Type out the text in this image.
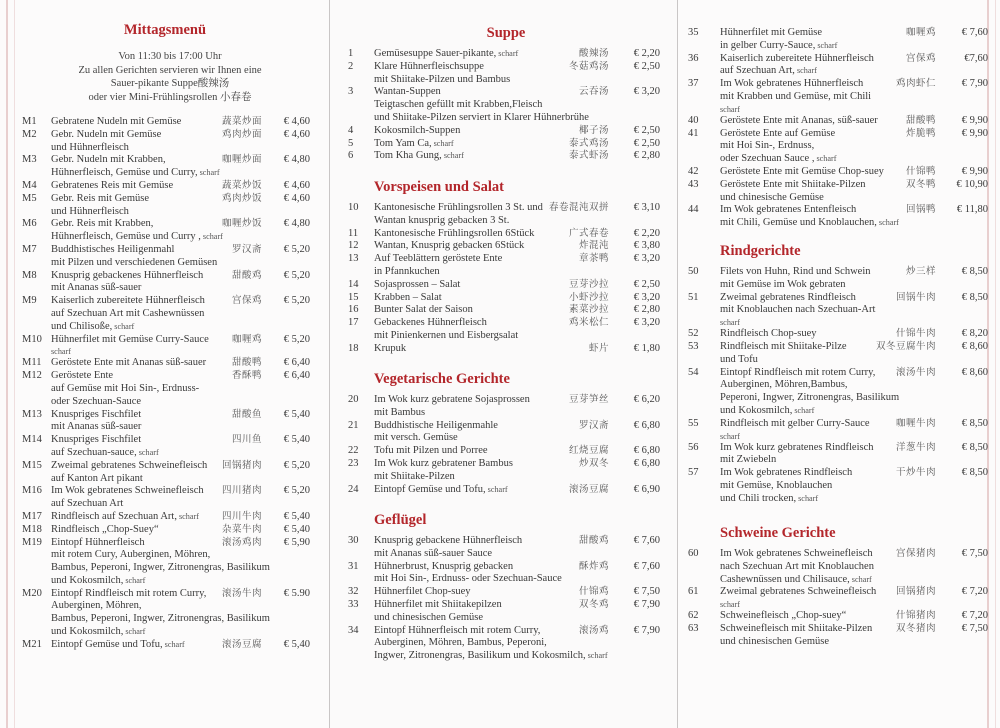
Mittagsmenü
Von 11:30 bis 17:00 Uhr
Zu allen Gerichten servieren wir Ihnen eine
Sauer-pikante Suppe酸辣汤
oder vier Mini-Frühlingsrollen 小春卷
M1	Gebratene Nudeln mit Gemüse	蔬菜炒面 € 4,60
M2	Gebr. Nudeln mit Gemüse
und Hühnerfleisch
鸡肉炒面 € 4,60
M3	Gebr. Nudeln mit Krabben,
Hühnerfleisch, Gemüse und Curry, scharf
咖喱炒面 € 4,80
M4	Gebratenes Reis mit Gemüse	蔬菜炒饭 € 4,60
M5	Gebr. Reis mit Gemüse
und Hühnerfleisch
鸡肉炒饭 € 4,60
M6	Gebr. Reis mit Krabben,
Hühnerfleisch, Gemüse und Curry , scharf
咖喱炒饭 € 4,80
M7	Buddhistisches Heiligenmahl
mit Pilzen und verschiedenen Gemüsen
罗汉斋 € 5,20
M8	Knusprig gebackenes Hühnerfleisch
mit Ananas süß-sauer
甜酸鸡 € 5,20
M9	Kaiserlich zubereitete Hühnerfleisch
auf Szechuan Art mit Cashewnüssen
und Chilisoße, scharf
宫保鸡 € 5,20
M10 Hühnerfilet mit Gemüse Curry-Sauce
scharf
咖喱鸡 € 5,20
M11 Geröstete Ente mit Ananas süß-sauer	甜酸鸭 € 6,40
M12 Geröstete Ente
auf Gemüse mit Hoi Sin-, Erdnuss-
oder Szechuan-Sauce
香酥鸭 € 6,40
M13 Knuspriges Fischfilet
mit Ananas süß-sauer
甜酸鱼 € 5,40
M14 Knuspriges Fischfilet
auf Szechuan-sauce, scharf
四川鱼 € 5,40
M15 Zweimal gebratenes Schweinefleisch
auf Kanton Art pikant
回锅猪肉 € 5,20
M16 Im Wok gebratenes Schweinefleisch
auf Szechuan Art
四川猪肉 € 5,20
M17 Rindfleisch auf Szechuan Art, scharf	四川牛肉 € 5,40
M18 Rindfleisch „Chop-Suey“	杂菜牛肉 € 5,40
M19 Eintopf Hühnerfleisch
mit rotem Cury, Auberginen, Möhren,
Bambus, Peperoni, Ingwer, Zitronengras, Basilikum
und Kokosmilch, scharf
滚汤鸡肉 € 5,90
M20 Eintopf Rindfleisch mit rotem Curry,
Auberginen, Möhren,
Bambus, Peperoni, Ingwer, Zitronengras, Basilikum
und Kokosmilch, scharf
滚汤牛肉 € 5.90
M21 Eintopf Gemüse und Tofu, scharf	滚汤豆腐 € 5,40
Suppe
1	Gemüsesuppe Sauer-pikante, scharf	酸辣汤 € 2,20
2	Klare Hühnerfleischsuppe
mit Shiitake-Pilzen und Bambus
冬菇鸡汤 € 2,50
3	Wantan-Suppen
Teigtaschen gefüllt mit Krabben,Fleisch
und Shiitake-Pilzen serviert in Klarer Hühnerbrühe
云吞汤 € 3,20
4	Kokosmilch-Suppen	椰子汤 € 2,50
5	Tom Yam Ca, scharf	泰式鸡汤 € 2,50
6	Tom Kha Gung, scharf	泰式虾汤 € 2,80
Vorspeisen und Salat
10	Kantonesische Frühlingsrollen 3 St. und
Wantan knusprig gebacken 3 St.
春卷混沌双拼 € 3,10
11	Kantonesische Frühlingsrollen 6Stück	广式春卷 € 2,20
12	Wantan, Knusprig gebacken 6Stück	炸混沌 € 3,80
13	Auf Teeblättern geröstete Ente
in Pfannkuchen
章茶鸭 € 3,20
14	Sojasprossen – Salat	豆芽沙拉 € 2,50
15	Krabben – Salat	小虾沙拉 € 3,20
16	Bunter Salat der Saison	素菜沙拉 € 2,80
17	Gebackenes Hühnerfleisch
mit Pinienkernen und Eisbergsalat
鸡米松仁 € 3,20
18	Krupuk	虾片 € 1,80
Vegetarische Gerichte
20	Im Wok kurz gebratene Sojasprossen
mit Bambus
豆芽笋丝 € 6,20
21	Buddhistische Heiligenmahle
mit versch. Gemüse
罗汉斋 € 6,80
22	Tofu mit Pilzen und Porree	红烧豆腐 € 6,80
23	Im Wok kurz gebratener Bambus
mit Shiitake-Pilzen
炒双冬 € 6,80
24	Eintopf Gemüse und Tofu, scharf	滚汤豆腐 € 6,90
Geflügel
30	Knusprig gebackene Hühnerfleisch
mit Ananas süß-sauer Sauce
甜酸鸡 € 7,60
31	Hühnerbrust, Knusprig gebacken
mit Hoi Sin-, Erdnuss- oder Szechuan-Sauce
酥炸鸡 € 7,60
32	Hühnerfilet Chop-suey	什锦鸡 € 7,50
33	Hühnerfilet mit Shiitakepilzen
und chinesischen Gemüse
双冬鸡 € 7,90
34	Eintopf Hühnerfleisch mit rotem Curry,
Auberginen, Möhren, Bambus, Peperoni,
Ingwer, Zitronengras, Basilikum und Kokosmilch, scharf
滚汤鸡 € 7,90
35	Hühnerfilet mit Gemüse
in gelber Curry-Sauce, scharf
咖喱鸡 € 7,60
36	Kaiserlich zubereitete Hühnerfleisch
auf Szechuan Art, scharf
宫保鸡	€7,60
37	Im Wok gebratenes Hühnerfleisch
mit Krabben und Gemüse, mit Chili
scharf
鸡肉虾仁 € 7,90
40	Geröstete Ente mit Ananas, süß-sauer	甜酸鸭 € 9,90
41	Geröstete Ente auf Gemüse
mit Hoi Sin-, Erdnuss,
oder Szechuan Sauce , scharf
炸脆鸭 € 9,90
42	Geröstete Ente mit Gemüse Chop-suey	什锦鸭 € 9,90
43	Geröstete Ente mit Shiitake-Pilzen
und chinesische Gemüse
双冬鸭 € 10,90
44	Im Wok gebratenes Entenfleisch
mit Chili, Gemüse und Knoblauchen, scharf
回锅鸭 € 11,80
Rindgerichte
50	Filets von Huhn, Rind und Schwein
mit Gemüse im Wok gebraten
炒三样 € 8,50
51	Zweimal gebratenes Rindfleisch
mit Knoblauchen nach Szechuan-Art
scharf
回锅牛肉 € 8,50
52	Rindfleisch Chop-suey	什锦牛肉 € 8,20
53	Rindfleisch mit Shiitake-Pilze
und Tofu
双冬豆腐牛肉 € 8,60
54	Eintopf Rindfleisch mit rotem Curry,
Auberginen, Möhren,Bambus,
Peperoni, Ingwer, Zitronengras, Basilikum
und Kokosmilch, scharf
滚汤牛肉 € 8,60
55	Rindfleisch mit gelber Curry-Sauce
scharf
咖喱牛肉 € 8,50
56	Im Wok kurz gebratenes Rindfleisch
mit Zwiebeln
洋葱牛肉 € 8,50
57	Im Wok gebratenes Rindfleisch
mit Gemüse, Knoblauchen
und Chili trocken, scharf
干炒牛肉 € 8,50
Schweine Gerichte
60	Im Wok gebratenes Schweinefleisch
nach Szechuan Art mit Knoblauchen
Cashewnüssen und Chilisauce, scharf
宫保猪肉 € 7,50
61	Zweimal gebratenes Schweinefleisch
scharf
回锅猪肉 € 7,20
62	Schweinefleisch „Chop-suey“	什锦猪肉 € 7,20
63	Schweinefleisch mit Shiitake-Pilzen
und chinesischen Gemüse
双冬猪肉 € 7,50
